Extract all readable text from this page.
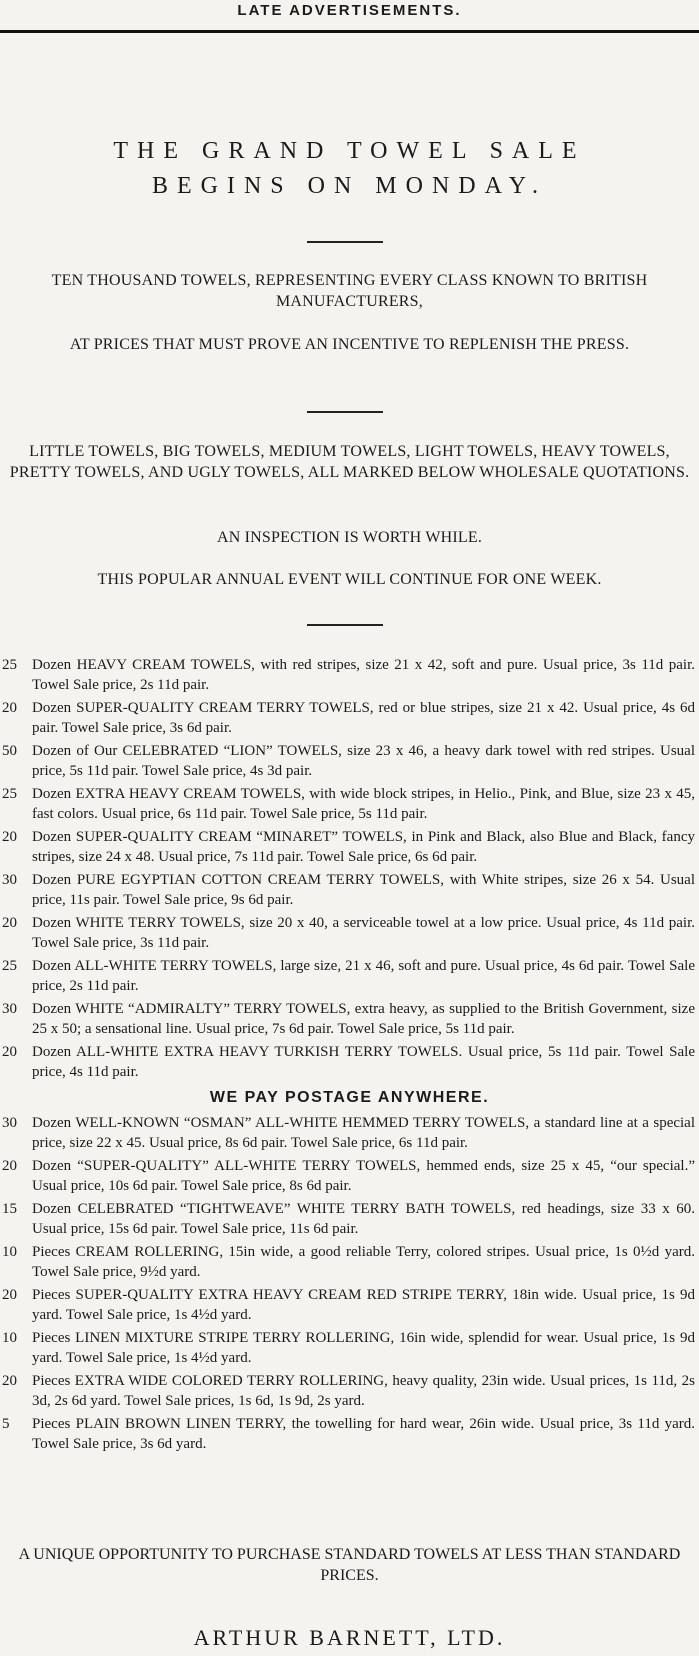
LATE ADVERTISEMENTS.
THE GRAND TOWEL SALE
BEGINS ON MONDAY.
TEN THOUSAND TOWELS, REPRESENTING EVERY CLASS KNOWN TO BRITISH MANUFACTURERS,
AT PRICES THAT MUST PROVE AN INCENTIVE TO REPLENISH THE PRESS.
LITTLE TOWELS, BIG TOWELS, MEDIUM TOWELS, LIGHT TOWELS, HEAVY TOWELS, PRETTY TOWELS, AND UGLY TOWELS, ALL MARKED BELOW WHOLESALE QUOTATIONS.
AN INSPECTION IS WORTH WHILE.
THIS POPULAR ANNUAL EVENT WILL CONTINUE FOR ONE WEEK.
25 Dozen HEAVY CREAM TOWELS, with red stripes, size 21 x 42, soft and pure. Usual price, 3s 11d pair. Towel Sale price, 2s 11d pair.
20 Dozen SUPER-QUALITY CREAM TERRY TOWELS, red or blue stripes, size 21 x 42. Usual price, 4s 6d pair. Towel Sale price, 3s 6d pair.
50 Dozen of Our CELEBRATED “LION” TOWELS, size 23 x 46, a heavy dark towel with red stripes. Usual price, 5s 11d pair. Towel Sale price, 4s 3d pair.
25 Dozen EXTRA HEAVY CREAM TOWELS, with wide block stripes, in Helio., Pink, and Blue, size 23 x 45, fast colors. Usual price, 6s 11d pair. Towel Sale price, 5s 11d pair.
20 Dozen SUPER-QUALITY CREAM “MINARET” TOWELS, in Pink and Black, also Blue and Black, fancy stripes, size 24 x 48. Usual price, 7s 11d pair. Towel Sale price, 6s 6d pair.
30 Dozen PURE EGYPTIAN COTTON CREAM TERRY TOWELS, with White stripes, size 26 x 54. Usual price, 11s pair. Towel Sale price, 9s 6d pair.
20 Dozen WHITE TERRY TOWELS, size 20 x 40, a serviceable towel at a low price. Usual price, 4s 11d pair. Towel Sale price, 3s 11d pair.
25 Dozen ALL-WHITE TERRY TOWELS, large size, 21 x 46, soft and pure. Usual price, 4s 6d pair. Towel Sale price, 2s 11d pair.
30 Dozen WHITE “ADMIRALTY” TERRY TOWELS, extra heavy, as supplied to the British Government, size 25 x 50; a sensational line. Usual price, 7s 6d pair. Towel Sale price, 5s 11d pair.
20 Dozen ALL-WHITE EXTRA HEAVY TURKISH TERRY TOWELS. Usual price, 5s 11d pair. Towel Sale price, 4s 11d pair.
WE PAY POSTAGE ANYWHERE.
30 Dozen WELL-KNOWN “OSMAN” ALL-WHITE HEMMED TERRY TOWELS, a standard line at a special price, size 22 x 45. Usual price, 8s 6d pair. Towel Sale price, 6s 11d pair.
20 Dozen “SUPER-QUALITY” ALL-WHITE TERRY TOWELS, hemmed ends, size 25 x 45, “our special.” Usual price, 10s 6d pair. Towel Sale price, 8s 6d pair.
15 Dozen CELEBRATED “TIGHTWEAVE” WHITE TERRY BATH TOWELS, red headings, size 33 x 60. Usual price, 15s 6d pair. Towel Sale price, 11s 6d pair.
10 Pieces CREAM ROLLERING, 15in wide, a good reliable Terry, colored stripes. Usual price, 1s 0½d yard. Towel Sale price, 9½d yard.
20 Pieces SUPER-QUALITY EXTRA HEAVY CREAM RED STRIPE TERRY, 18in wide. Usual price, 1s 9d yard. Towel Sale price, 1s 4½d yard.
10 Pieces LINEN MIXTURE STRIPE TERRY ROLLERING, 16in wide, splendid for wear. Usual price, 1s 9d yard. Towel Sale price, 1s 4½d yard.
20 Pieces EXTRA WIDE COLORED TERRY ROLLERING, heavy quality, 23in wide. Usual prices, 1s 11d, 2s 3d, 2s 6d yard. Towel Sale prices, 1s 6d, 1s 9d, 2s yard.
5 Pieces PLAIN BROWN LINEN TERRY, the towelling for hard wear, 26in wide. Usual price, 3s 11d yard. Towel Sale price, 3s 6d yard.
A UNIQUE OPPORTUNITY TO PURCHASE STANDARD TOWELS AT LESS THAN STANDARD PRICES.
ARTHUR BARNETT, LTD.
